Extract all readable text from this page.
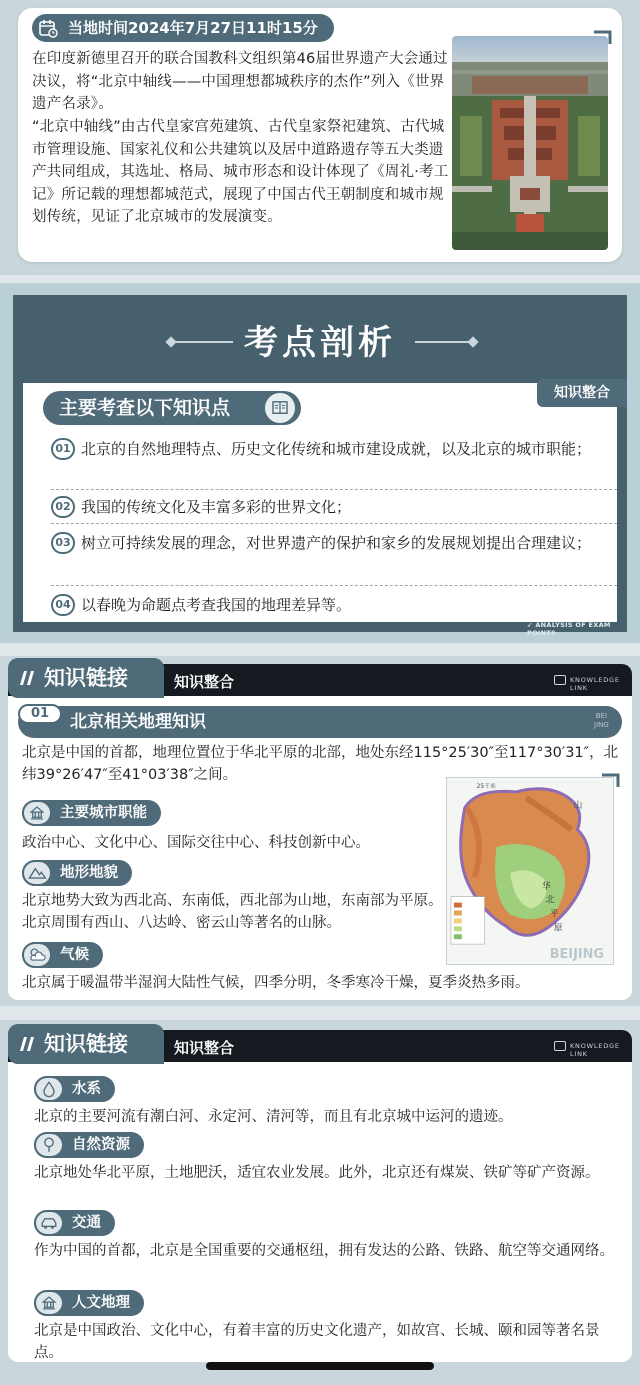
当地时间2024年7月27日11时15分

在印度新德里召开的联合国教科文组织第46届世界遗产大会通过决议，将“北京中轴线——中国理想都城秩序的杰作”列入《世界遗产名录》。

“北京中轴线”由古代皇家宫苑建筑、古代皇家祭祀建筑、古代城市管理设施、国家礼仪和公共建筑以及居中道路遗存等五大类遗产共同组成，其选址、格局、城市形态和设计体现了《周礼·考工记》所记载的理想都城范式，展现了中国古代王朝制度和城市规划传统，见证了北京城市的发展演变。

考点剖析
知识整合
主要考查以下知识点
01 北京的自然地理特点、历史文化传统和城市建设成就，以及北京的城市职能；
02 我国的传统文化及丰富多彩的世界文化；
03 树立可持续发展的理念，对世界遗产的保护和家乡的发展规划提出合理建议；
04 以春晚为命题点考查我国的地理差异等。
➶ ANALYSIS OF EXAM POINTS
知识整合	KNOWLEDGE LINK
知识链接
01	北京相关地理知识	BEI
JING

北京是中国的首都，地理位置位于华北平原的北部，地处东经115°25′30″至117°30′31″，北纬39°26′47″至41°03′38″之间。

主要城市职能

政治中心、文化中心、国际交往中心、科技创新中心。

地形地貌

北京地势大致为西北高、东南低，西北部为山地，东南部为平原。北京周围有西山、八达岭、密云山等著名的山脉。

气候

北京属于暖温带半湿润大陆性气候，四季分明，冬季寒冷干燥，夏季炎热多雨。

25千米
山
华
北
平
原
BEIJING
知识整合	KNOWLEDGE LINK
知识链接
水系

北京的主要河流有潮白河、永定河、清河等，而且有北京城中运河的遗迹。

自然资源

北京地处华北平原，土地肥沃，适宜农业发展。此外，北京还有煤炭、铁矿等矿产资源。

交通

作为中国的首都，北京是全国重要的交通枢纽，拥有发达的公路、铁路、航空等交通网络。

人文地理

北京是中国政治、文化中心，有着丰富的历史文化遗产，如故宫、长城、颐和园等著名景点。
